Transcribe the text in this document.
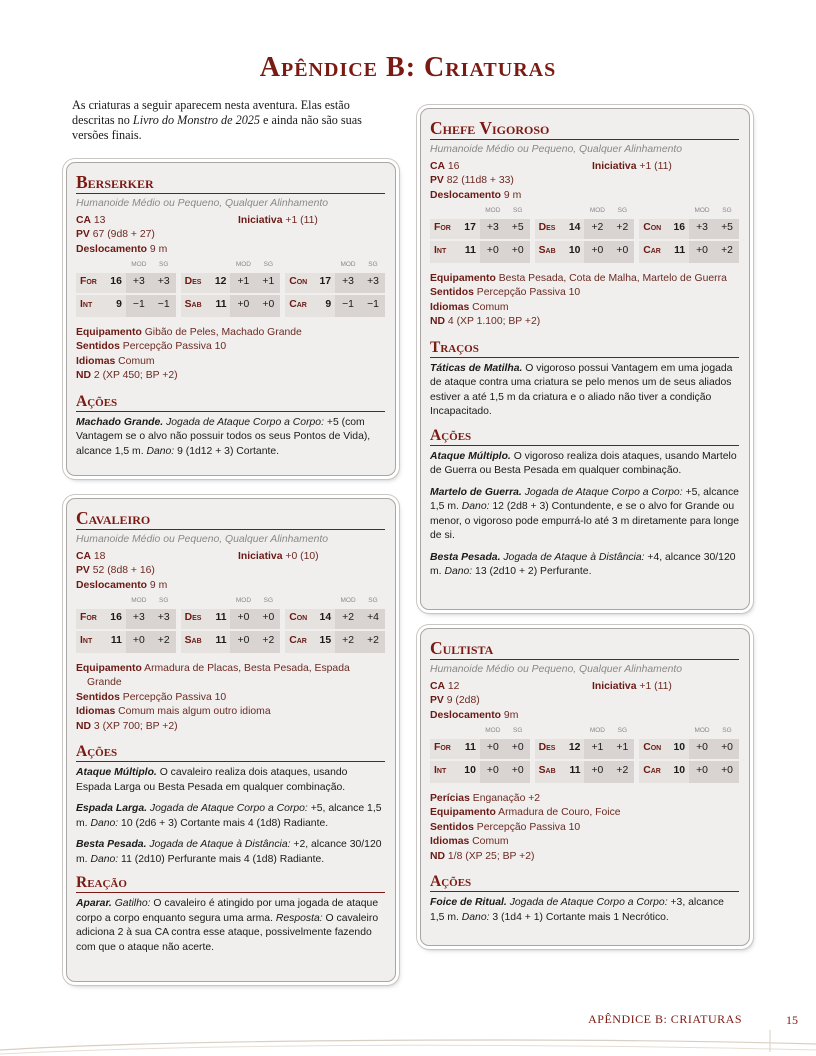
Apêndice B: Criaturas

As criaturas a seguir aparecem nesta aventura. Elas estão descritas no Livro do Monstro de 2025 e ainda não são suas versões finais.

Berserker
Humanoide Médio ou Pequeno, Qualquer Alinhamento
CA 13	Iniciativa +1 (11)
PV 67 (9d8 + 27)
Deslocamento 9 m
		MOD	SG				MOD	SG				MOD	SG
For	16	+3	+3		Des	12	+1	+1		Con	17	+3	+3
Int	9	−1	−1		Sab	11	+0	+0		Car	9	−1	−1
Equipamento Gibão de Peles, Machado Grande
Sentidos Percepção Passiva 10
Idiomas Comum
ND 2 (XP 450; BP +2)
Ações
Machado Grande. Jogada de Ataque Corpo a Corpo: +5 (com Vantagem se o alvo não possuir todos os seus Pontos de Vida), alcance 1,5 m. Dano: 9 (1d12 + 3) Cortante.
Cavaleiro
Humanoide Médio ou Pequeno, Qualquer Alinhamento
CA 18	Iniciativa +0 (10)
PV 52 (8d8 + 16)
Deslocamento 9 m
		MOD	SG				MOD	SG				MOD	SG
For	16	+3	+3		Des	11	+0	+0		Con	14	+2	+4
Int	11	+0	+2		Sab	11	+0	+2		Car	15	+2	+2
Equipamento Armadura de Placas, Besta Pesada, Espada Grande
Sentidos Percepção Passiva 10
Idiomas Comum mais algum outro idioma
ND 3 (XP 700; BP +2)
Ações
Ataque Múltiplo. O cavaleiro realiza dois ataques, usando Espada Larga ou Besta Pesada em qualquer combinação.
Espada Larga. Jogada de Ataque Corpo a Corpo: +5, alcance 1,5 m. Dano: 10 (2d6 + 3) Cortante mais 4 (1d8) Radiante.
Besta Pesada. Jogada de Ataque à Distância: +2, alcance 30/120 m. Dano: 11 (2d10) Perfurante mais 4 (1d8) Radiante.
Reação
Aparar. Gatilho: O cavaleiro é atingido por uma jogada de ataque corpo a corpo enquanto segura uma arma. Resposta: O cavaleiro adiciona 2 à sua CA contra esse ataque, possivelmente fazendo com que o ataque não acerte.
Chefe Vigoroso
Humanoide Médio ou Pequeno, Qualquer Alinhamento
CA 16	Iniciativa +1 (11)
PV 82 (11d8 + 33)
Deslocamento 9 m
		MOD	SG				MOD	SG				MOD	SG
For	17	+3	+5		Des	14	+2	+2		Con	16	+3	+5
Int	11	+0	+0		Sab	10	+0	+0		Car	11	+0	+2
Equipamento Besta Pesada, Cota de Malha, Martelo de Guerra
Sentidos Percepção Passiva 10
Idiomas Comum
ND 4 (XP 1.100; BP +2)
Traços
Táticas de Matilha. O vigoroso possui Vantagem em uma jogada de ataque contra uma criatura se pelo menos um de seus aliados estiver a até 1,5 m da criatura e o aliado não tiver a condição Incapacitado.
Ações
Ataque Múltiplo. O vigoroso realiza dois ataques, usando Martelo de Guerra ou Besta Pesada em qualquer combinação.
Martelo de Guerra. Jogada de Ataque Corpo a Corpo: +5, alcance 1,5 m. Dano: 12 (2d8 + 3) Contundente, e se o alvo for Grande ou menor, o vigoroso pode empurrá-lo até 3 m diretamente para longe de si.
Besta Pesada. Jogada de Ataque à Distância: +4, alcance 30/120 m. Dano: 13 (2d10 + 2) Perfurante.
Cultista
Humanoide Médio ou Pequeno, Qualquer Alinhamento
CA 12	Iniciativa +1 (11)
PV 9 (2d8)
Deslocamento 9m
		MOD	SG				MOD	SG				MOD	SG
For	11	+0	+0		Des	12	+1	+1		Con	10	+0	+0
Int	10	+0	+0		Sab	11	+0	+2		Car	10	+0	+0
Perícias Enganação +2
Equipamento Armadura de Couro, Foice
Sentidos Percepção Passiva 10
Idiomas Comum
ND 1/8 (XP 25; BP +2)
Ações
Foice de Ritual. Jogada de Ataque Corpo a Corpo: +3, alcance 1,5 m. Dano: 3 (1d4 + 1) Cortante mais 1 Necrótico.
APÊNDICE B: CRIATURAS	15
